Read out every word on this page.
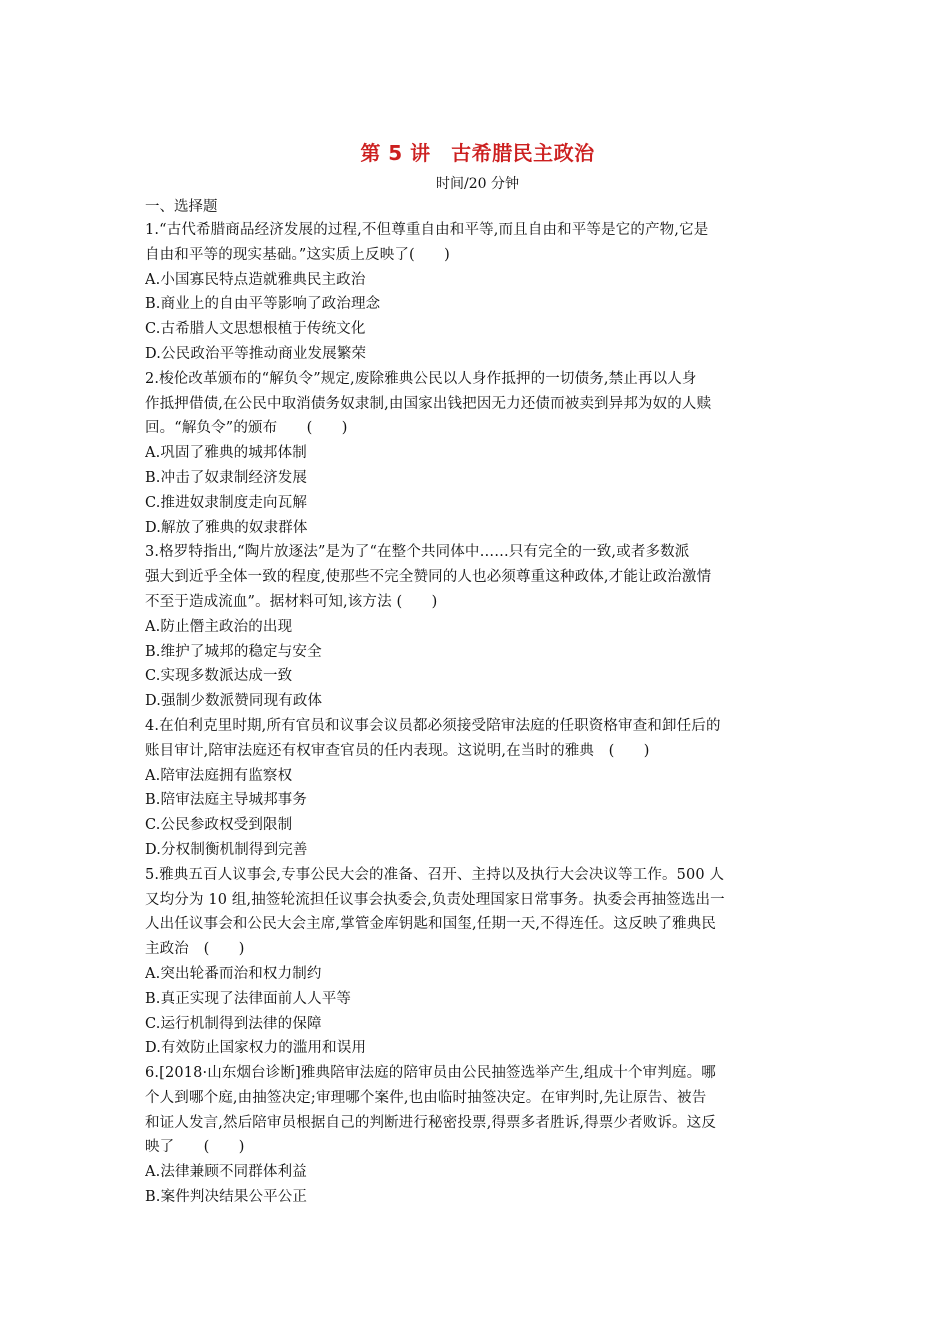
第 5 讲　古希腊民主政治
时间/20 分钟
一、选择题
1.“古代希腊商品经济发展的过程,不但尊重自由和平等,而且自由和平等是它的产物,它是
自由和平等的现实基础。”这实质上反映了(　　)
A.小国寡民特点造就雅典民主政治
B.商业上的自由平等影响了政治理念
C.古希腊人文思想根植于传统文化
D.公民政治平等推动商业发展繁荣
2.梭伦改革颁布的“解负令”规定,废除雅典公民以人身作抵押的一切债务,禁止再以人身
作抵押借债,在公民中取消债务奴隶制,由国家出钱把因无力还债而被卖到异邦为奴的人赎
回。“解负令”的颁布　　(　　)
A.巩固了雅典的城邦体制
B.冲击了奴隶制经济发展
C.推进奴隶制度走向瓦解
D.解放了雅典的奴隶群体
3.格罗特指出,“陶片放逐法”是为了“在整个共同体中……只有完全的一致,或者多数派
强大到近乎全体一致的程度,使那些不完全赞同的人也必须尊重这种政体,才能让政治激情
不至于造成流血”。据材料可知,该方法 (　　)
A.防止僭主政治的出现
B.维护了城邦的稳定与安全
C.实现多数派达成一致
D.强制少数派赞同现有政体
4.在伯利克里时期,所有官员和议事会议员都必须接受陪审法庭的任职资格审查和卸任后的
账目审计,陪审法庭还有权审查官员的任内表现。这说明,在当时的雅典　(　　)
A.陪审法庭拥有监察权
B.陪审法庭主导城邦事务
C.公民参政权受到限制
D.分权制衡机制得到完善
5.雅典五百人议事会,专事公民大会的准备、召开、主持以及执行大会决议等工作。500 人
又均分为 10 组,抽签轮流担任议事会执委会,负责处理国家日常事务。执委会再抽签选出一
人出任议事会和公民大会主席,掌管金库钥匙和国玺,任期一天,不得连任。这反映了雅典民
主政治　(　　)
A.突出轮番而治和权力制约
B.真正实现了法律面前人人平等
C.运行机制得到法律的保障
D.有效防止国家权力的滥用和误用
6.[2018·山东烟台诊断]雅典陪审法庭的陪审员由公民抽签选举产生,组成十个审判庭。哪
个人到哪个庭,由抽签决定;审理哪个案件,也由临时抽签决定。在审判时,先让原告、被告
和证人发言,然后陪审员根据自己的判断进行秘密投票,得票多者胜诉,得票少者败诉。这反
映了　　(　　)
A.法律兼顾不同群体利益
B.案件判决结果公平公正
